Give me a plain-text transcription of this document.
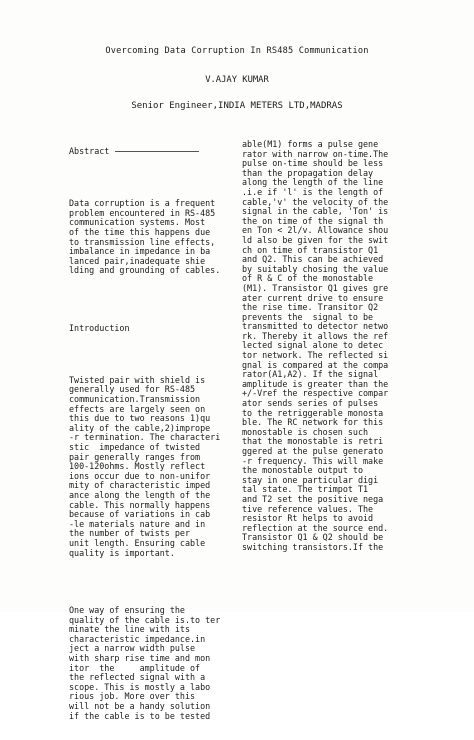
Overcoming Data Corruption In RS485 Communication
V.AJAY KUMAR
Senior Engineer,INDIA METERS LTD,MADRAS

Abstract

Data corruption is a frequent
problem encountered in RS-485
communication systems. Most
of the time this happens due
to transmission line effects,
imbalance in impedance in ba
lanced pair,inadequate shie
lding and grounding of cables.

Introduction

Twisted pair with shield is
generally used for RS-485
communication.Transmission
effects are largely seen on
this due to two reasons 1)qu
ality of the cable,2)imprope
-r termination. The characteri
stic  impedance of twisted
pair generally ranges from
100-120ohms. Mostly reflect
ions occur due to non-unifor
mity of characteristic imped
ance along the length of the
cable. This normally happens
because of variations in cab
-le materials nature and in
the number of twists per
unit length. Ensuring cable
quality is important.

One way of ensuring the
quality of the cable is.to ter
minate the line with its
characteristic impedance.in
ject a narrow width pulse
with sharp rise time and mon
itor  the     amplitude of
the reflected signal with a
scope. This is mostly a labo
rious job. More over this
will not be a handy solution
if the cable is to be tested

able(M1) forms a pulse gene
rator with narrow on-time.The
pulse on-time should be less
than the propagation delay
along the length of the line
.i.e if 'l' is the length of
cable,'v' the velocity of the
signal in the cable, 'Ton' is
the on time of the signal th
en Ton < 2l/v. Allowance shou
ld also be given for the swit
ch on time of transistor Q1
and Q2. This can be achieved
by suitably chosing the value
of R & C of the monostable
(M1). Transistor Q1 gives gre
ater current drive to ensure
the rise time. Transitor Q2
prevents the  signal to be
transmitted to detector netwo
rk. Thereby it allows the ref
lected signal alone to detec
tor network. The reflected si
gnal is compared at the compa
rator(A1,A2). If the signal
amplitude is greater than the
+/-Vref the respective compar
ator sends series of pulses
to the retriggerable monosta
ble. The RC network for this
monostable is chosen such
that the monostable is retri
ggered at the pulse generato
-r frequency. This will make
the monostable output to
stay in one particular digi
tal state. The trimpot T1
and T2 set the positive nega
tive reference values. The
resistor Rt helps to avoid
reflection at the source end.
Transistor Q1 & Q2 should be
switching transistors.If the
